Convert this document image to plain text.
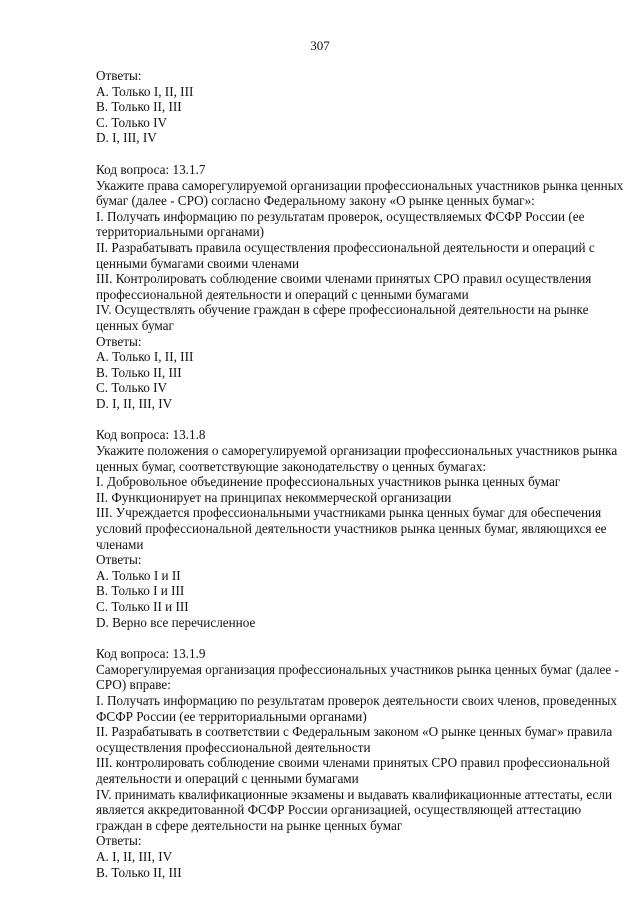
307
Ответы:
A. Только I, II, III
B. Только II, III
C. Только IV
D. I, III, IV
Код вопроса: 13.1.7
Укажите права саморегулируемой организации профессиональных участников рынка ценных
бумаг (далее - СРО) согласно Федеральному закону «О рынке ценных бумаг»:
I. Получать информацию по результатам проверок, осуществляемых ФСФР России (ее
территориальными органами)
II. Разрабатывать правила осуществления профессиональной деятельности и операций с
ценными бумагами своими членами
III. Контролировать соблюдение своими членами принятых СРО правил осуществления
профессиональной деятельности и операций с ценными бумагами
IV. Осуществлять обучение граждан в сфере профессиональной деятельности на рынке
ценных бумаг
Ответы:
A. Только I, II, III
B. Только II, III
C. Только IV
D. I, II, III, IV
Код вопроса: 13.1.8
Укажите положения о саморегулируемой организации профессиональных участников рынка
ценных бумаг, соответствующие законодательству о ценных бумагах:
I. Добровольное объединение профессиональных участников рынка ценных бумаг
II. Функционирует на принципах некоммерческой организации
III. Учреждается профессиональными участниками рынка ценных бумаг для обеспечения
условий профессиональной деятельности участников рынка ценных бумаг, являющихся ее
членами
Ответы:
A. Только I и II
B. Только I и III
C. Только II и III
D. Верно все перечисленное
Код вопроса: 13.1.9
Саморегулируемая организация профессиональных участников рынка ценных бумаг (далее -
СРО) вправе:
I. Получать информацию по результатам проверок деятельности своих членов, проведенных
ФСФР России (ее территориальными органами)
II. Разрабатывать в соответствии с Федеральным законом «О рынке ценных бумаг» правила
осуществления профессиональной деятельности
III. контролировать соблюдение своими членами принятых СРО правил профессиональной
деятельности и операций с ценными бумагами
IV. принимать квалификационные экзамены и выдавать квалификационные аттестаты, если
является аккредитованной ФСФР России организацией, осуществляющей аттестацию
граждан в сфере деятельности на рынке ценных бумаг
Ответы:
A. I, II, III, IV
B. Только II, III
